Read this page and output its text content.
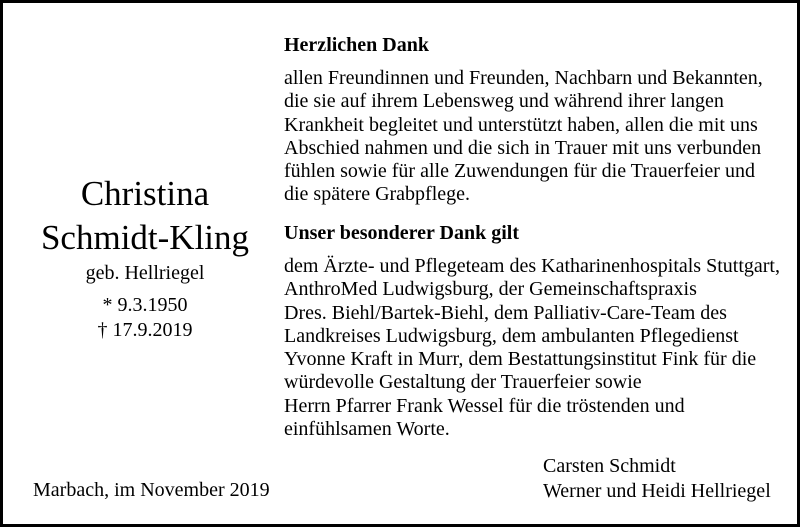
Christina
Schmidt-Kling
geb. Hellriegel
* 9.3.1950
† 17.9.2019
Herzlichen Dank
allen Freundinnen und Freunden, Nachbarn und Bekannten,
die sie auf ihrem Lebensweg und während ihrer langen
Krankheit begleitet und unterstützt haben, allen die mit uns
Abschied nahmen und die sich in Trauer mit uns verbunden
fühlen sowie für alle Zuwendungen für die Trauerfeier und
die spätere Grabpflege.
Unser besonderer Dank gilt
dem Ärzte- und Pflegeteam des Katharinenhospitals Stuttgart,
AnthroMed Ludwigsburg, der Gemeinschaftspraxis
Dres. Biehl/Bartek-Biehl, dem Palliativ-Care-Team des
Landkreises Ludwigsburg, dem ambulanten Pflegedienst
Yvonne Kraft in Murr, dem Bestattungsinstitut Fink für die
würdevolle Gestaltung der Trauerfeier sowie
Herrn Pfarrer Frank Wessel für die tröstenden und
einfühlsamen Worte.
Marbach, im November 2019
Carsten Schmidt
Werner und Heidi Hellriegel
